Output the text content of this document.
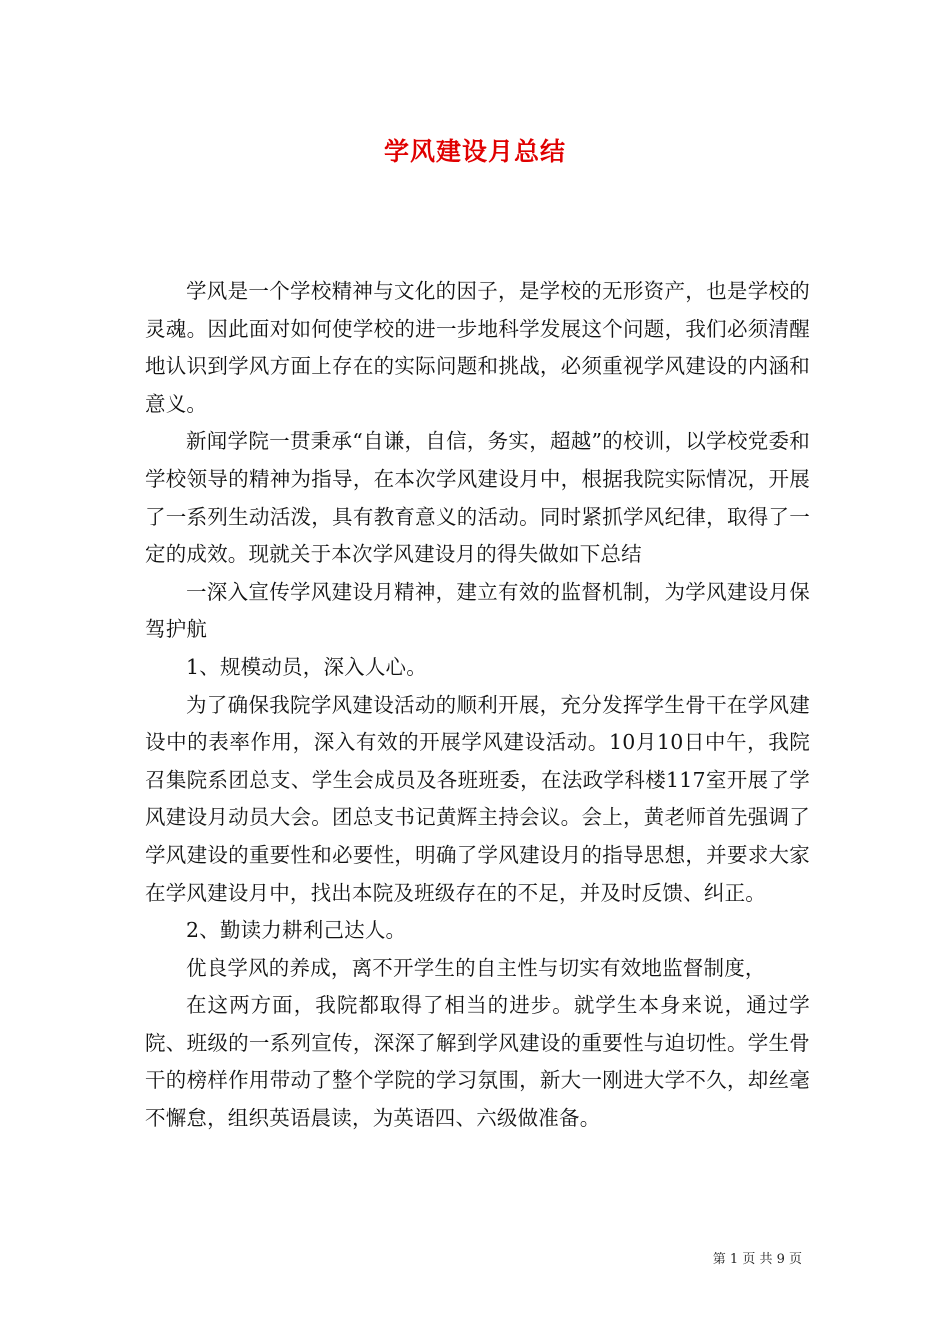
学风建设月总结

学风是一个学校精神与文化的因子，是学校的无形资产，也是学校的灵魂。因此面对如何使学校的进一步地科学发展这个问题，我们必须清醒地认识到学风方面上存在的实际问题和挑战，必须重视学风建设的内涵和意义。

新闻学院一贯秉承“自谦，自信，务实，超越”的校训，以学校党委和学校领导的精神为指导，在本次学风建设月中，根据我院实际情况，开展了一系列生动活泼，具有教育意义的活动。同时紧抓学风纪律，取得了一定的成效。现就关于本次学风建设月的得失做如下总结

一深入宣传学风建设月精神，建立有效的监督机制，为学风建设月保驾护航

1、规模动员，深入人心。

为了确保我院学风建设活动的顺利开展，充分发挥学生骨干在学风建设中的表率作用，深入有效的开展学风建设活动。10月10日中午，我院召集院系团总支、学生会成员及各班班委，在法政学科楼117室开展了学风建设月动员大会。团总支书记黄辉主持会议。会上，黄老师首先强调了学风建设的重要性和必要性，明确了学风建设月的指导思想，并要求大家在学风建设月中，找出本院及班级存在的不足，并及时反馈、纠正。

2、勤读力耕利己达人。

优良学风的养成，离不开学生的自主性与切实有效地监督制度，

在这两方面，我院都取得了相当的进步。就学生本身来说，通过学院、班级的一系列宣传，深深了解到学风建设的重要性与迫切性。学生骨干的榜样作用带动了整个学院的学习氛围，新大一刚进大学不久，却丝毫不懈怠，组织英语晨读，为英语四、六级做准备。

第 1 页 共 9 页
